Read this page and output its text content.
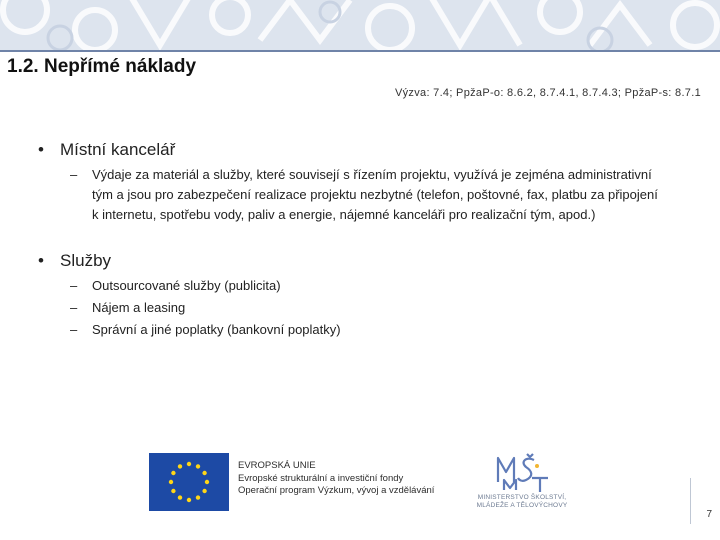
1.2. Nepřímé náklady
Výzva: 7.4; PpžaP-o: 8.6.2, 8.7.4.1, 8.7.4.3; PpžaP-s: 8.7.1
• Místní kancelář
– Výdaje za materiál a služby, které souvisejí s řízením projektu, využívá je zejména administrativní tým a jsou pro zabezpečení realizace projektu nezbytné (telefon, poštovné, fax, platbu za připojení k internetu, spotřebu vody, paliv a energie, nájemné kanceláři pro realizační tým, apod.)
• Služby
– Outsourcované služby (publicita)
– Nájem a leasing
– Správní a jiné poplatky (bankovní poplatky)
EVROPSKÁ UNIE
Evropské strukturální a investiční fondy
Operační program Výzkum, vývoj a vzdělávání
MINISTERSTVO ŠKOLSTVÍ,
MLÁDEŽE A TĚLOVÝCHOVY
7
